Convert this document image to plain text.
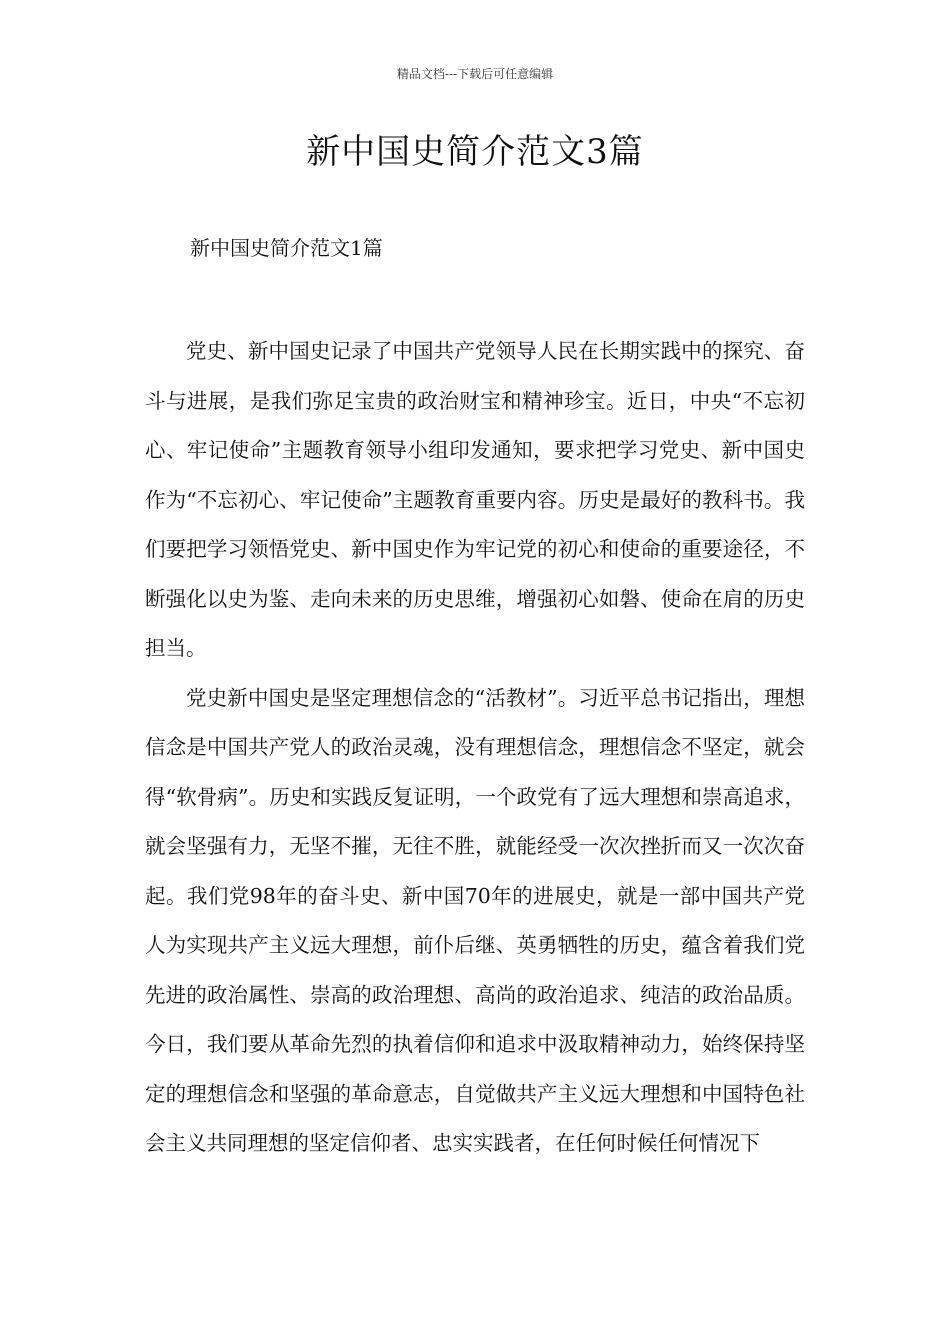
精品文档---下载后可任意编辑
新中国史简介范文3篇
新中国史简介范文1篇

党史、新中国史记录了中国共产党领导人民在长期实践中的探究、奋斗与进展，是我们弥足宝贵的政治财宝和精神珍宝。近日，中央“不忘初心、牢记使命”主题教育领导小组印发通知，要求把学习党史、新中国史作为“不忘初心、牢记使命”主题教育重要内容。历史是最好的教科书。我们要把学习领悟党史、新中国史作为牢记党的初心和使命的重要途径，不断强化以史为鉴、走向未来的历史思维，增强初心如磐、使命在肩的历史担当。

党史新中国史是坚定理想信念的“活教材”。习近平总书记指出，理想信念是中国共产党人的政治灵魂，没有理想信念，理想信念不坚定，就会得“软骨病”。历史和实践反复证明，一个政党有了远大理想和崇高追求，就会坚强有力，无坚不摧，无往不胜，就能经受一次次挫折而又一次次奋起。我们党98年的奋斗史、新中国70年的进展史，就是一部中国共产党人为实现共产主义远大理想，前仆后继、英勇牺牲的历史，蕴含着我们党先进的政治属性、崇高的政治理想、高尚的政治追求、纯洁的政治品质。今日，我们要从革命先烈的执着信仰和追求中汲取精神动力，始终保持坚定的理想信念和坚强的革命意志，自觉做共产主义远大理想和中国特色社会主义共同理想的坚定信仰者、忠实实践者，在任何时候任何情况下
